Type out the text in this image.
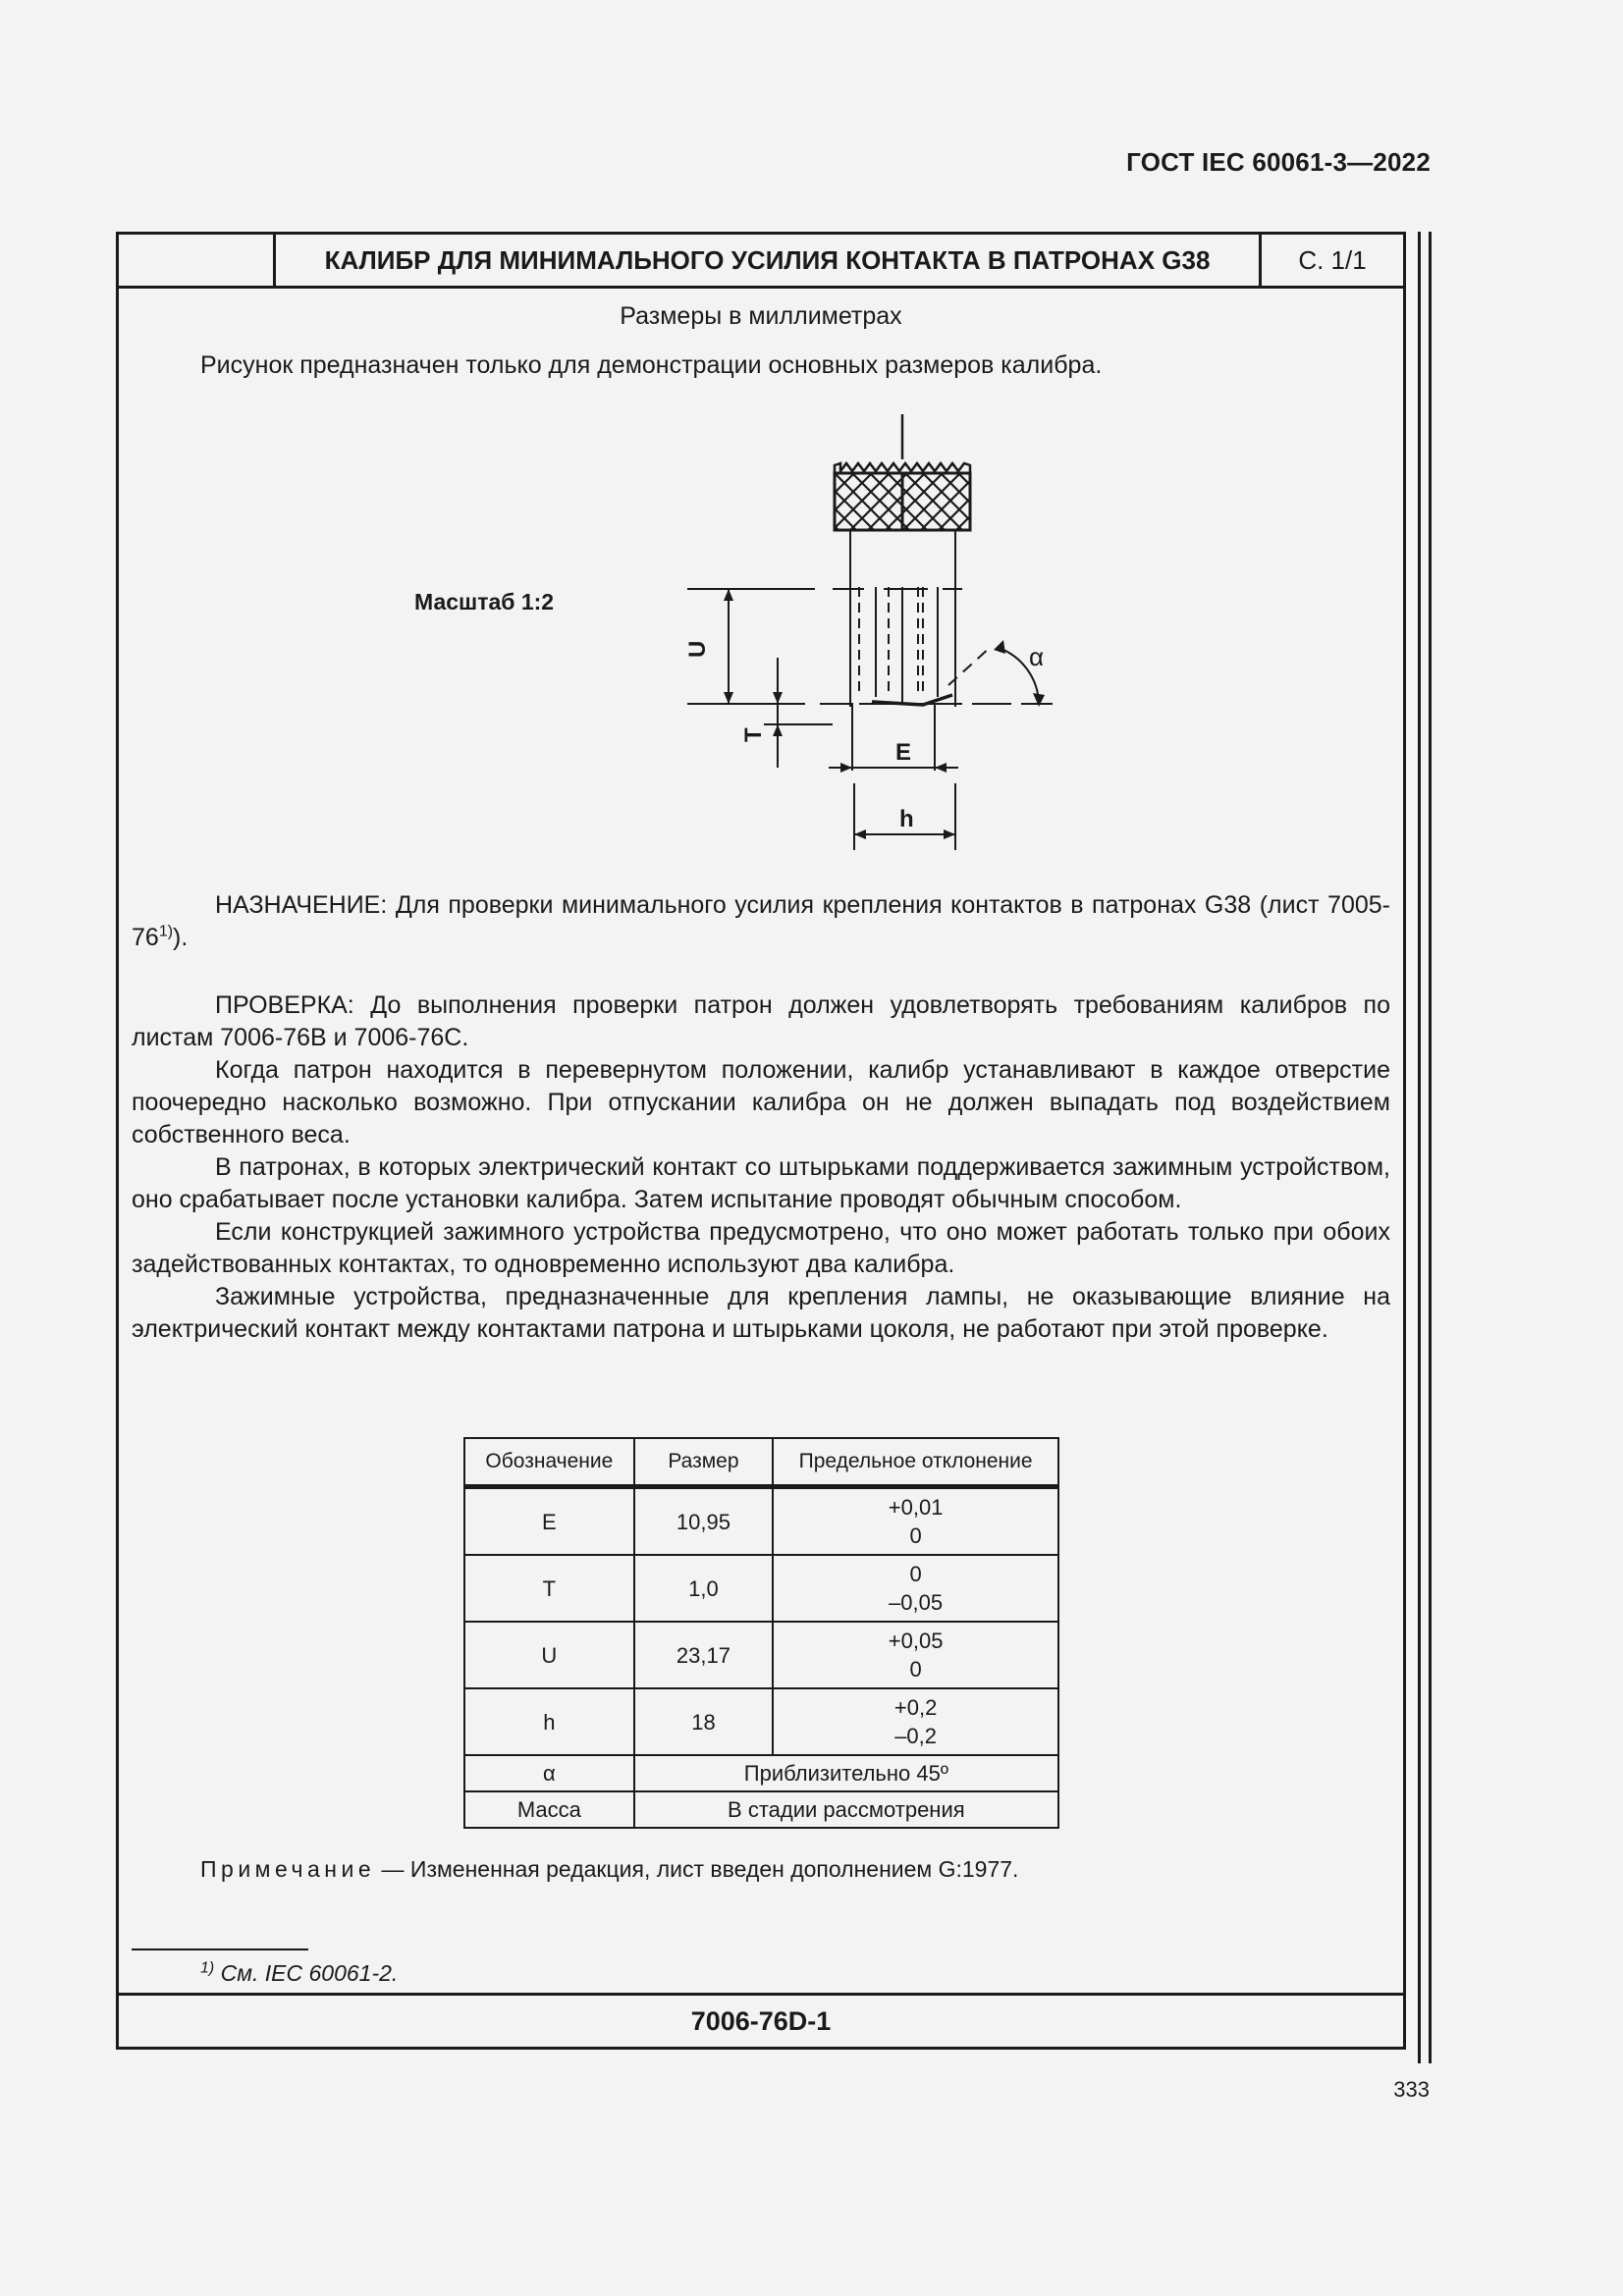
ГОСТ IEC 60061-3—2022
КАЛИБР ДЛЯ МИНИМАЛЬНОГО УСИЛИЯ КОНТАКТА В ПАТРОНАХ G38	С. 1/1
7006-76D-1
Размеры в миллиметрах
Рисунок предназначен только для демонстрации основных размеров калибра.
Масштаб 1:2
U
T
E
h
α

НАЗНАЧЕНИЕ: Для проверки минимального усилия крепления контактов в патронах G38 (лист 7005-76$^{1)}$).

ПРОВЕРКА: До выполнения проверки патрон должен удовлетворять требованиям калибров по листам 7006-76В и 7006-76С.

Когда патрон находится в перевернутом положении, калибр устанавливают в каждое отверстие поочередно насколько возможно. При отпускании калибра он не должен выпадать под воздействием собственного веса.

В патронах, в которых электрический контакт со штырьками поддерживается зажимным устройством, оно срабатывает после установки калибра. Затем испытание проводят обычным способом.

Если конструкцией зажимного устройства предусмотрено, что оно может работать только при обоих задействованных контактах, то одновременно используют два калибра.

Зажимные устройства, предназначенные для крепления лампы, не оказывающие влияние на электрический контакт между контактами патрона и штырьками цоколя, не работают при этой проверке.

Обозначение	Размер	Предельное отклонение
E	10,95	+0,01
0

T	1,0	0
–0,05

U	23,17	+0,05
0

h	18	+0,2
–0,2

α	Приблизительно 45º	
Масса	В стадии рассмотрения	
Примечание — Измененная редакция, лист введен дополнением G:1977.
$^{1)}$ См. IEC 60061-2.
333
